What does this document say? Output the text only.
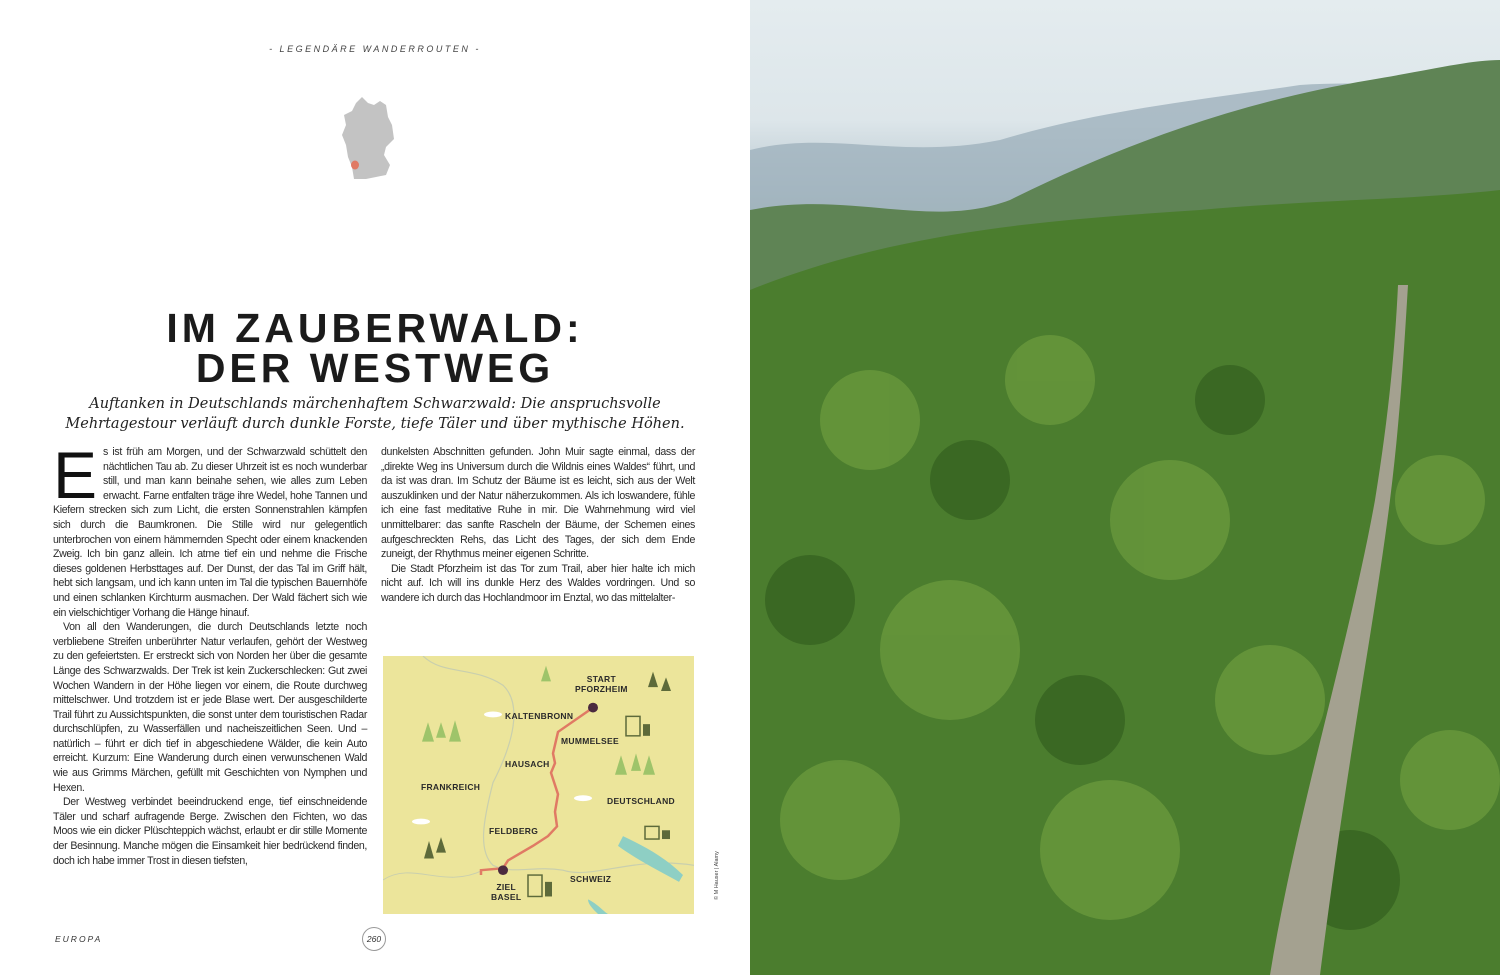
- LEGENDÄRE WANDERROUTEN -
IM ZAUBERWALD:
DER WESTWEG
Auftanken in Deutschlands märchenhaftem Schwarzwald: Die anspruchsvolle Mehrtagestour verläuft durch dunkle Forste, tiefe Täler und über mythische Höhen.

Es ist früh am Morgen, und der Schwarzwald schüttelt den nächtlichen Tau ab. Zu dieser Uhrzeit ist es noch wunderbar still, und man kann beinahe sehen, wie alles zum Leben erwacht. Farne entfalten träge ihre Wedel, hohe Tannen und Kiefern strecken sich zum Licht, die ersten Sonnenstrahlen kämpfen sich durch die Baumkronen. Die Stille wird nur gelegentlich unterbrochen von einem hämmernden Specht oder einem knackenden Zweig. Ich bin ganz allein. Ich atme tief ein und nehme die Frische dieses goldenen Herbsttages auf. Der Dunst, der das Tal im Griff hält, hebt sich langsam, und ich kann unten im Tal die typischen Bauernhöfe und einen schlanken Kirchturm ausmachen. Der Wald fächert sich wie ein vielschichtiger Vorhang die Hänge hinauf.

Von all den Wanderungen, die durch Deutschlands letzte noch verbliebene Streifen unberührter Natur verlaufen, gehört der Westweg zu den gefeiertsten. Er erstreckt sich von Norden her über die gesamte Länge des Schwarzwalds. Der Trek ist kein Zuckerschlecken: Gut zwei Wochen Wandern in der Höhe liegen vor einem, die Route durchweg mittelschwer. Und trotzdem ist er jede Blase wert. Der ausgeschilderte Trail führt zu Aussichtspunkten, die sonst unter dem touristischen Radar durchschlüpfen, zu Wasserfällen und nacheiszeitlichen Seen. Und – natürlich – führt er dich tief in abgeschiedene Wälder, die kein Auto erreicht. Kurzum: Eine Wanderung durch einen verwunschenen Wald wie aus Grimms Märchen, gefüllt mit Geschichten von Nymphen und Hexen.

Der Westweg verbindet beeindruckend enge, tief einschneidende Täler und scharf aufragende Berge. Zwischen den Fichten, wo das Moos wie ein dicker Plüschteppich wächst, erlaubt er dir stille Momente der Besinnung. Manche mögen die Einsamkeit hier bedrückend finden, doch ich habe immer Trost in diesen tiefsten,

dunkelsten Abschnitten gefunden. John Muir sagte einmal, dass der „direkte Weg ins Universum durch die Wildnis eines Waldes“ führt, und da ist was dran. Im Schutz der Bäume ist es leicht, sich aus der Welt auszuklinken und der Natur näherzukommen. Als ich loswandere, fühle ich eine fast meditative Ruhe in mir. Die Wahrnehmung wird viel unmittelbarer: das sanfte Rascheln der Bäume, der Schemen eines aufgeschreckten Rehs, das Licht des Tages, der sich dem Ende zuneigt, der Rhythmus meiner eigenen Schritte.

Die Stadt Pforzheim ist das Tor zum Trail, aber hier halte ich mich nicht auf. Ich will ins dunkle Herz des Waldes vordringen. Und so wandere ich durch das Hochlandmoor im Enztal, wo das mittelalter-

START
PFORZHEIM
KALTENBRONN
MUMMELSEE
HAUSACH
FRANKREICH
DEUTSCHLAND
FELDBERG
ZIEL
BASEL
SCHWEIZ
EUROPA	260
© M Hauser | Alamy
